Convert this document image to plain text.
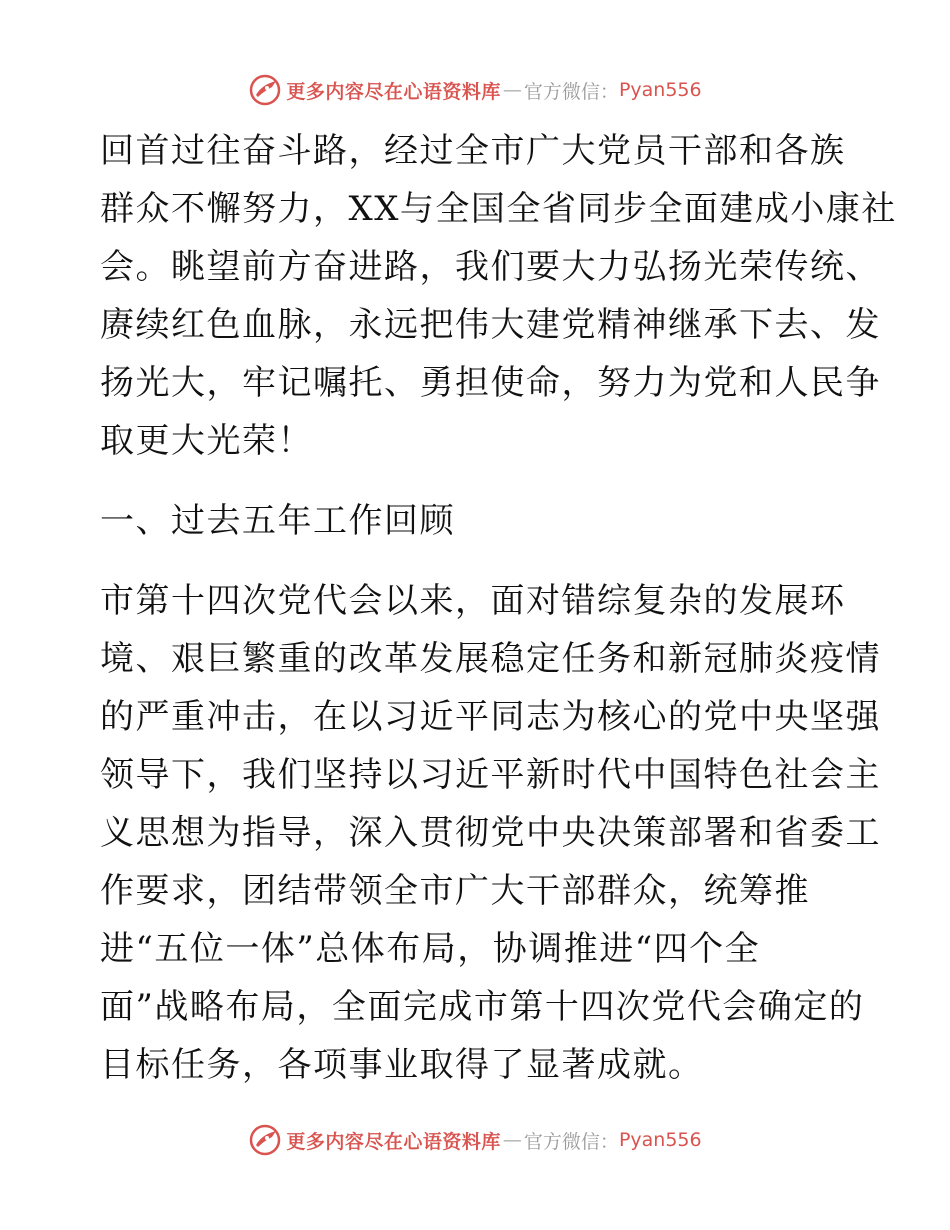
更多内容尽在心语资料库 — 官方微信： Pyan556

回首过往奋斗路，经过全市广大党员干部和各族
群众不懈努力，XX与全国全省同步全面建成小康社
会。眺望前方奋进路，我们要大力弘扬光荣传统、
赓续红色血脉，永远把伟大建党精神继承下去、发
扬光大，牢记嘱托、勇担使命，努力为党和人民争
取更大光荣！

一、过去五年工作回顾

市第十四次党代会以来，面对错综复杂的发展环
境、艰巨繁重的改革发展稳定任务和新冠肺炎疫情
的严重冲击，在以习近平同志为核心的党中央坚强
领导下，我们坚持以习近平新时代中国特色社会主
义思想为指导，深入贯彻党中央决策部署和省委工
作要求，团结带领全市广大干部群众，统筹推
进“五位一体”总体布局，协调推进“四个全
面”战略布局，全面完成市第十四次党代会确定的
目标任务，各项事业取得了显著成就。

更多内容尽在心语资料库 — 官方微信： Pyan556
